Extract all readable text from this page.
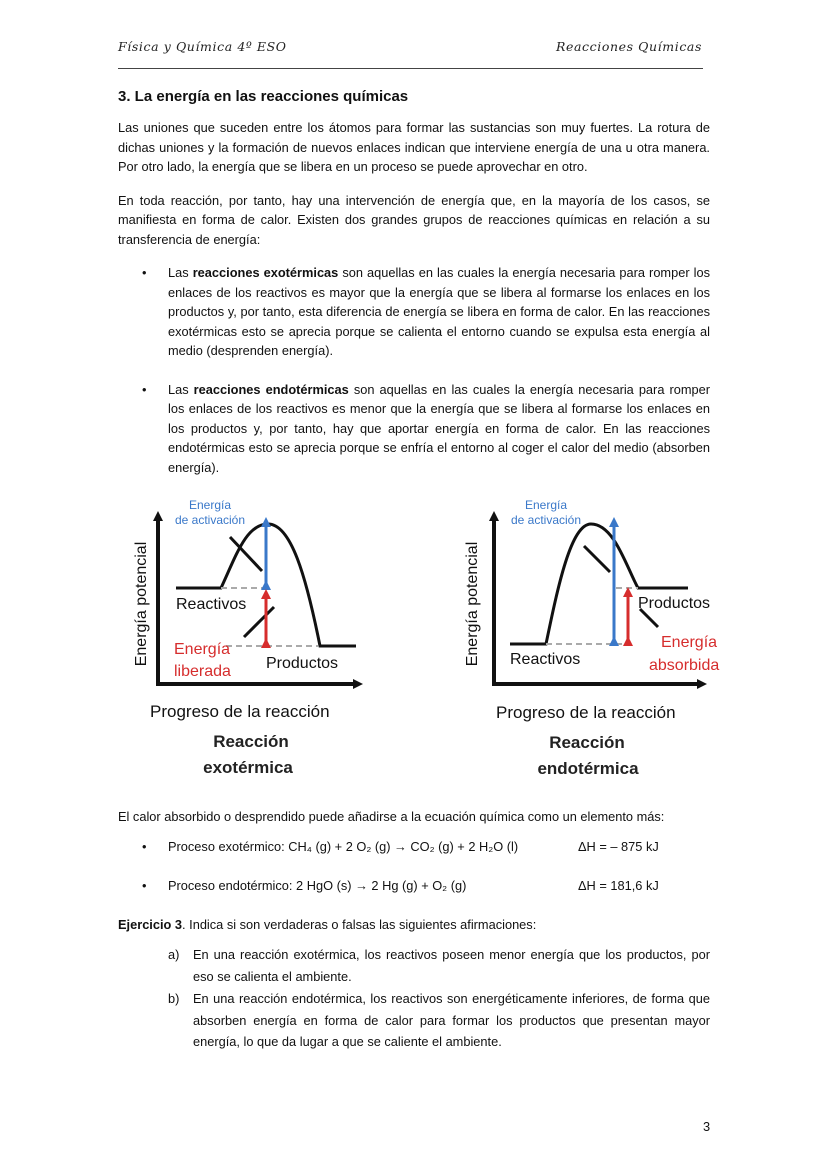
Física y Química 4º ESO	Reacciones Químicas
3. La energía en las reacciones químicas

Las uniones que suceden entre los átomos para formar las sustancias son muy fuertes. La rotura de dichas uniones y la formación de nuevos enlaces indican que interviene energía de una u otra manera. Por otro lado, la energía que se libera en un proceso se puede aprovechar en otro.

En toda reacción, por tanto, hay una intervención de energía que, en la mayoría de los casos, se manifiesta en forma de calor. Existen dos grandes grupos de reacciones químicas en relación a su transferencia de energía:

• Las reacciones exotérmicas son aquellas en las cuales la energía necesaria para romper los enlaces de los reactivos es mayor que la energía que se libera al formarse los enlaces en los productos y, por tanto, esta diferencia de energía se libera en forma de calor. En las reacciones exotérmicas esto se aprecia porque se calienta el entorno cuando se expulsa esta energía al medio (desprenden energía).
• Las reacciones endotérmicas son aquellas en las cuales la energía necesaria para romper los enlaces de los reactivos es menor que la energía que se libera al formarse los enlaces en los productos y, por tanto, hay que aportar energía en forma de calor. En las reacciones endotérmicas esto se aprecia porque se enfría el entorno al coger el calor del medio (absorben energía).
Energía potencial
Energía
de activación
Reactivos
Energía
liberada Productos
Progreso de la reacción
Reacción
exotérmica
Energía potencial
Energía
de activación
Productos
Reactivos
Energía
absorbida
Progreso de la reacción
Reacción
endotérmica

El calor absorbido o desprendido puede añadirse a la ecuación química como un elemento más:

• Proceso exotérmico: CH₄ (g) + 2 O₂ (g) → CO₂ (g) + 2 H₂O (l)	ΔH = – 875 kJ
• Proceso endotérmico: 2 HgO (s) → 2 Hg (g) + O₂ (g)	ΔH = 181,6 kJ

Ejercicio 3. Indica si son verdaderas o falsas las siguientes afirmaciones:

a) En una reacción exotérmica, los reactivos poseen menor energía que los productos, por eso se calienta el ambiente.
b) En una reacción endotérmica, los reactivos son energéticamente inferiores, de forma que absorben energía en forma de calor para formar los productos que presentan mayor energía, lo que da lugar a que se caliente el ambiente.
3
